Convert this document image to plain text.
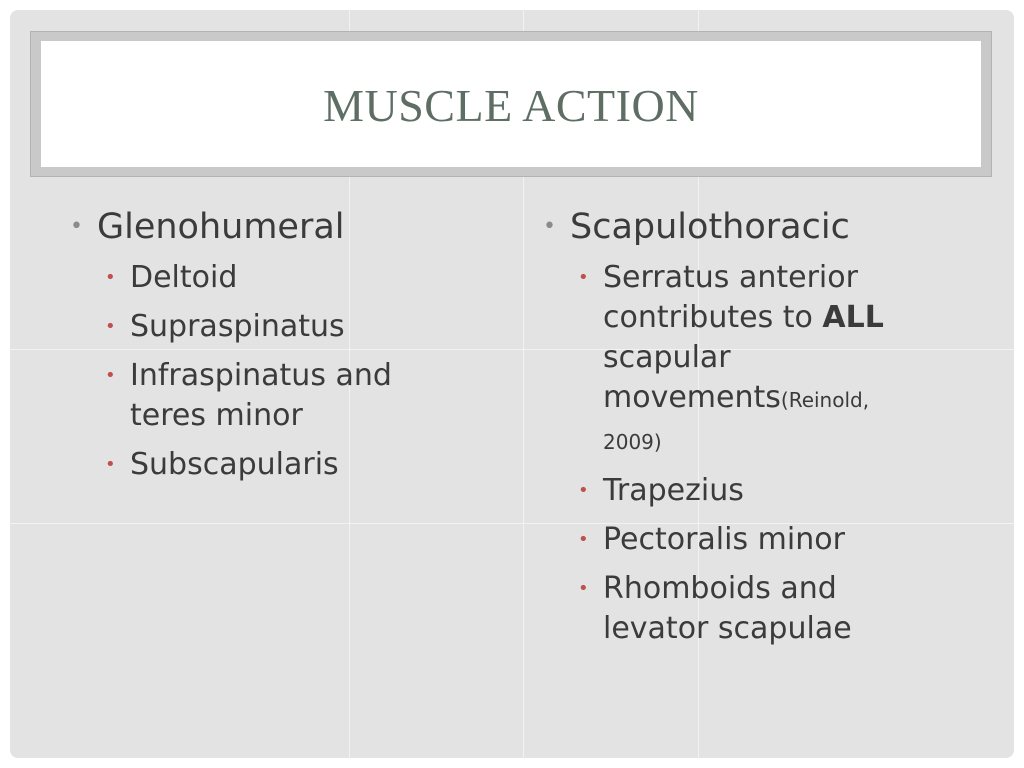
MUSCLE ACTION
• Glenohumeral
• Deltoid
• Supraspinatus
• Infraspinatus and teres minor
• Subscapularis
• Scapulothoracic
• Serratus anterior contributes to ALL scapular movements(Reinold, 2009)
• Trapezius
• Pectoralis minor
• Rhomboids and levator scapulae
